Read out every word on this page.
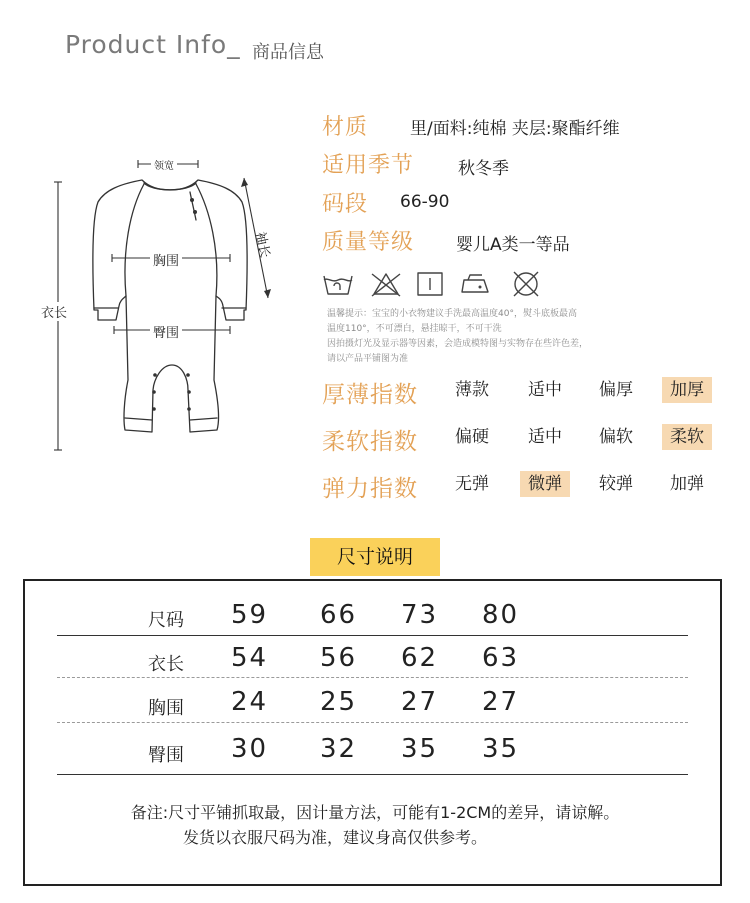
Product Info_ 商品信息
领宽
胸围
臀围
袖长
衣长
材质 里/面料:纯棉 夹层:聚酯纤维
适用季节	秋冬季
码段 66-90
质量等级 婴儿A类一等品
温馨提示：宝宝的小衣物建议手洗最高温度40°，熨斗底板最高
温度110°，不可漂白，悬挂晾干，不可干洗
因拍摄灯光及显示器等因素，会造成模特图与实物存在些许色差，
请以产品平铺图为准
厚薄指数	薄款	适中	偏厚	加厚
柔软指数	偏硬	适中	偏软	柔软
弹力指数	无弹	微弹	较弹	加弹
尺寸说明
尺码 59 66 73 80
衣长 54 56 62 63
胸围 24 25 27 27
臀围 30 32 35 35
备注:尺寸平铺抓取最，因计量方法，可能有1-2CM的差异，请谅解。
发货以衣服尺码为准，建议身高仅供参考。
